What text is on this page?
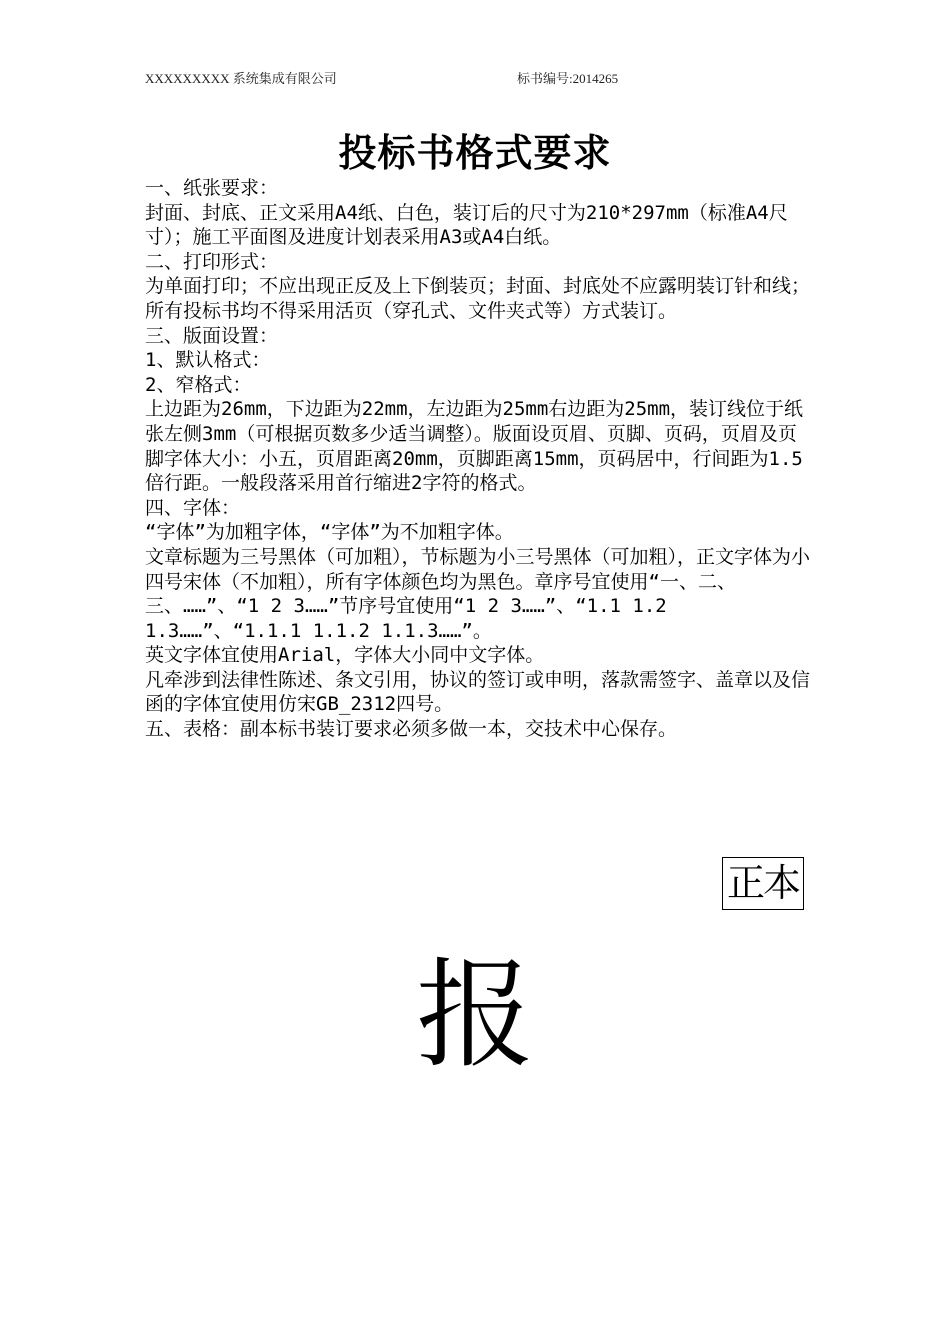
XXXXXXXXX 系统集成有限公司	标书编号:2014265
投标书格式要求

一、纸张要求：

封面、封底、正文采用A4纸、白色，装订后的尺寸为210*297mm（标准A4尺寸）；施工平面图及进度计划表采用A3或A4白纸。

二、打印形式：

为单面打印；不应出现正反及上下倒装页；封面、封底处不应露明装订针和线；所有投标书均不得采用活页（穿孔式、文件夹式等）方式装订。

三、版面设置：

1、默认格式：

2、窄格式：

上边距为26mm，下边距为22mm，左边距为25mm右边距为25mm，装订线位于纸张左侧3mm（可根据页数多少适当调整）。版面设页眉、页脚、页码，页眉及页脚字体大小：小五，页眉距离20mm，页脚距离15mm，页码居中，行间距为1.5倍行距。一般段落采用首行缩进2字符的格式。

四、字体：

“字体”为加粗字体，“字体”为不加粗字体。

文章标题为三号黑体（可加粗），节标题为小三号黑体（可加粗），正文字体为小四号宋体（不加粗），所有字体颜色均为黑色。章序号宜使用“一、二、三、……”、“1 2 3……”节序号宜使用“1 2 3……”、“1.1 1.2 1.3……”、“1.1.1 1.1.2 1.1.3……”。

英文字体宜使用Arial，字体大小同中文字体。

凡牵涉到法律性陈述、条文引用，协议的签订或申明，落款需签字、盖章以及信函的字体宜使用仿宋GB_2312四号。

五、表格：副本标书装订要求必须多做一本，交技术中心保存。

正本
报
